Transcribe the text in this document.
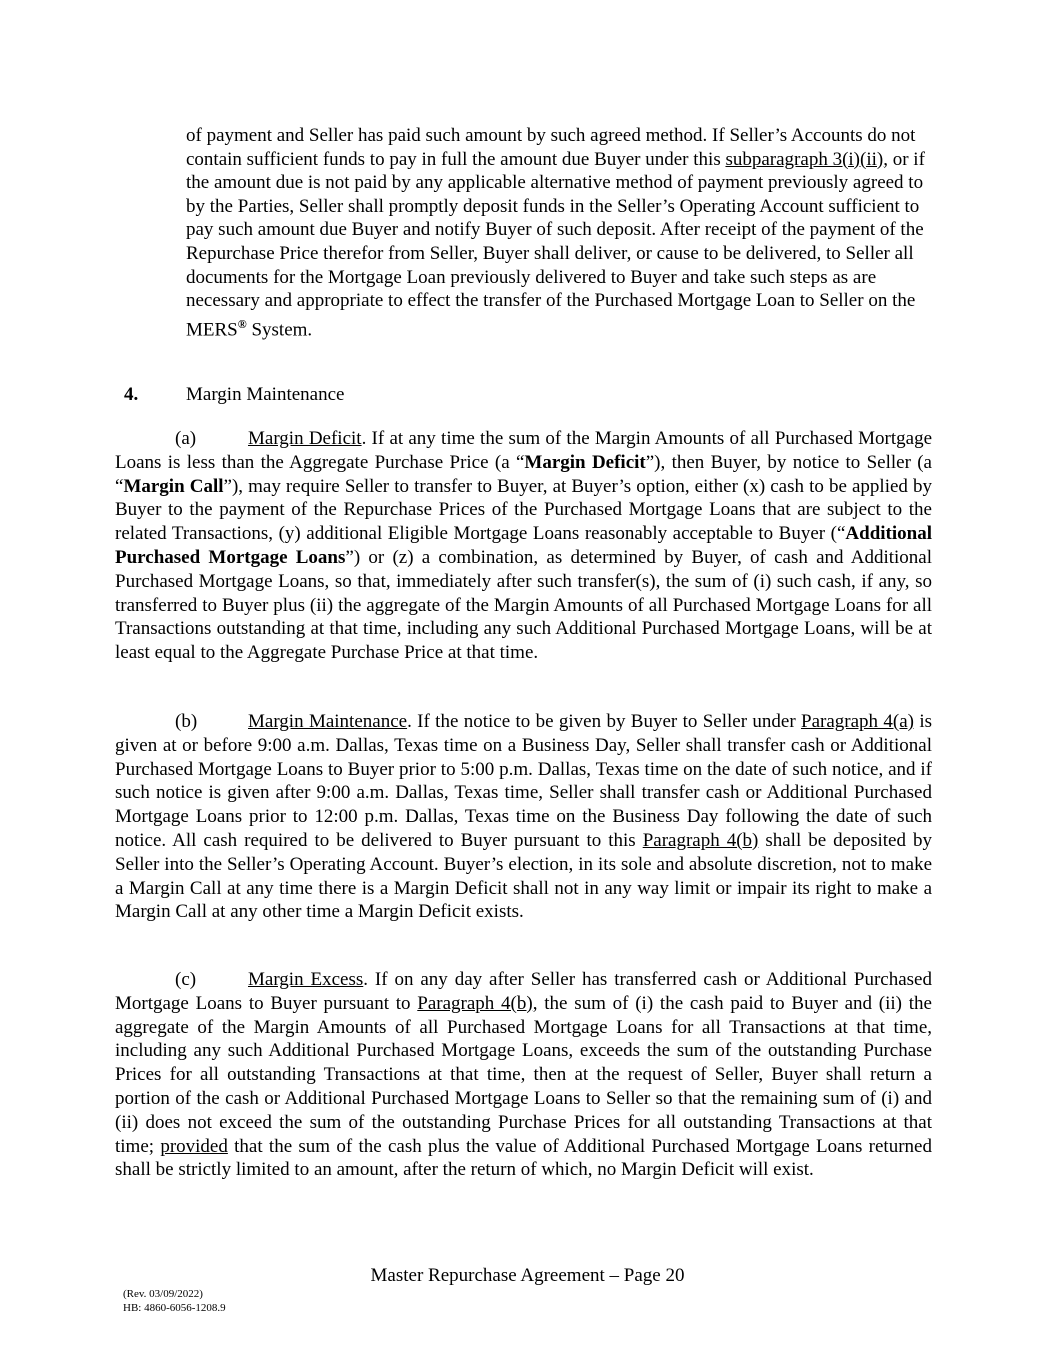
of payment and Seller has paid such amount by such agreed method. If Seller’s Accounts do not contain sufficient funds to pay in full the amount due Buyer under this subparagraph 3(i)(ii), or if the amount due is not paid by any applicable alternative method of payment previously agreed to by the Parties, Seller shall promptly deposit funds in the Seller’s Operating Account sufficient to pay such amount due Buyer and notify Buyer of such deposit. After receipt of the payment of the Repurchase Price therefor from Seller, Buyer shall deliver, or cause to be delivered, to Seller all documents for the Mortgage Loan previously delivered to Buyer and take such steps as are necessary and appropriate to effect the transfer of the Purchased Mortgage Loan to Seller on the MERS® System.

4.	Margin Maintenance

(a)	Margin Deficit. If at any time the sum of the Margin Amounts of all Purchased Mortgage Loans is less than the Aggregate Purchase Price (a “Margin Deficit”), then Buyer, by notice to Seller (a “Margin Call”), may require Seller to transfer to Buyer, at Buyer’s option, either (x) cash to be applied by Buyer to the payment of the Repurchase Prices of the Purchased Mortgage Loans that are subject to the related Transactions, (y) additional Eligible Mortgage Loans reasonably acceptable to Buyer (“Additional Purchased Mortgage Loans”) or (z) a combination, as determined by Buyer, of cash and Additional Purchased Mortgage Loans, so that, immediately after such transfer(s), the sum of (i) such cash, if any, so transferred to Buyer plus (ii) the aggregate of the Margin Amounts of all Purchased Mortgage Loans for all Transactions outstanding at that time, including any such Additional Purchased Mortgage Loans, will be at least equal to the Aggregate Purchase Price at that time.

(b)	Margin Maintenance. If the notice to be given by Buyer to Seller under Paragraph 4(a) is given at or before 9:00 a.m. Dallas, Texas time on a Business Day, Seller shall transfer cash or Additional Purchased Mortgage Loans to Buyer prior to 5:00 p.m. Dallas, Texas time on the date of such notice, and if such notice is given after 9:00 a.m. Dallas, Texas time, Seller shall transfer cash or Additional Purchased Mortgage Loans prior to 12:00 p.m. Dallas, Texas time on the Business Day following the date of such notice. All cash required to be delivered to Buyer pursuant to this Paragraph 4(b) shall be deposited by Seller into the Seller’s Operating Account. Buyer’s election, in its sole and absolute discretion, not to make a Margin Call at any time there is a Margin Deficit shall not in any way limit or impair its right to make a Margin Call at any other time a Margin Deficit exists.

(c)	Margin Excess. If on any day after Seller has transferred cash or Additional Purchased Mortgage Loans to Buyer pursuant to Paragraph 4(b), the sum of (i) the cash paid to Buyer and (ii) the aggregate of the Margin Amounts of all Purchased Mortgage Loans for all Transactions at that time, including any such Additional Purchased Mortgage Loans, exceeds the sum of the outstanding Purchase Prices for all outstanding Transactions at that time, then at the request of Seller, Buyer shall return a portion of the cash or Additional Purchased Mortgage Loans to Seller so that the remaining sum of (i) and (ii) does not exceed the sum of the outstanding Purchase Prices for all outstanding Transactions at that time; provided that the sum of the cash plus the value of Additional Purchased Mortgage Loans returned shall be strictly limited to an amount, after the return of which, no Margin Deficit will exist.

Master Repurchase Agreement – Page 20
(Rev. 03/09/2022)
HB: 4860-6056-1208.9
